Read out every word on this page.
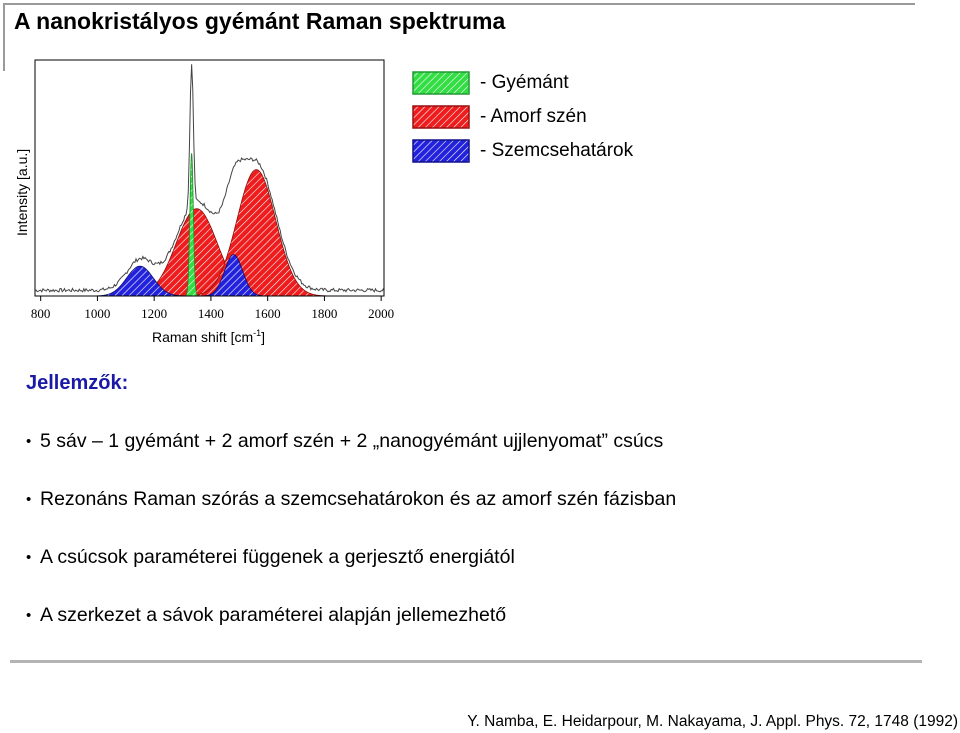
A nanokristályos gyémánt Raman spektruma
800	1000 1200 1400 1600 1800 2000
Intensity [a.u.]
Raman shift $[cm^{-1}]$
- Gyémánt
- Amorf szén
- Szemcsehatárok
Jellemzők:
• 5 sáv – 1 gyémánt + 2 amorf szén + 2 „nanogyémánt ujjlenyomat” csúcs
• Rezonáns Raman szórás a szemcsehatárokon és az amorf szén fázisban
• A csúcsok paraméterei függenek a gerjesztő energiától
• A szerkezet a sávok paraméterei alapján jellemezhető
Y. Namba, E. Heidarpour, M. Nakayama, J. Appl. Phys. 72, 1748 (1992)
